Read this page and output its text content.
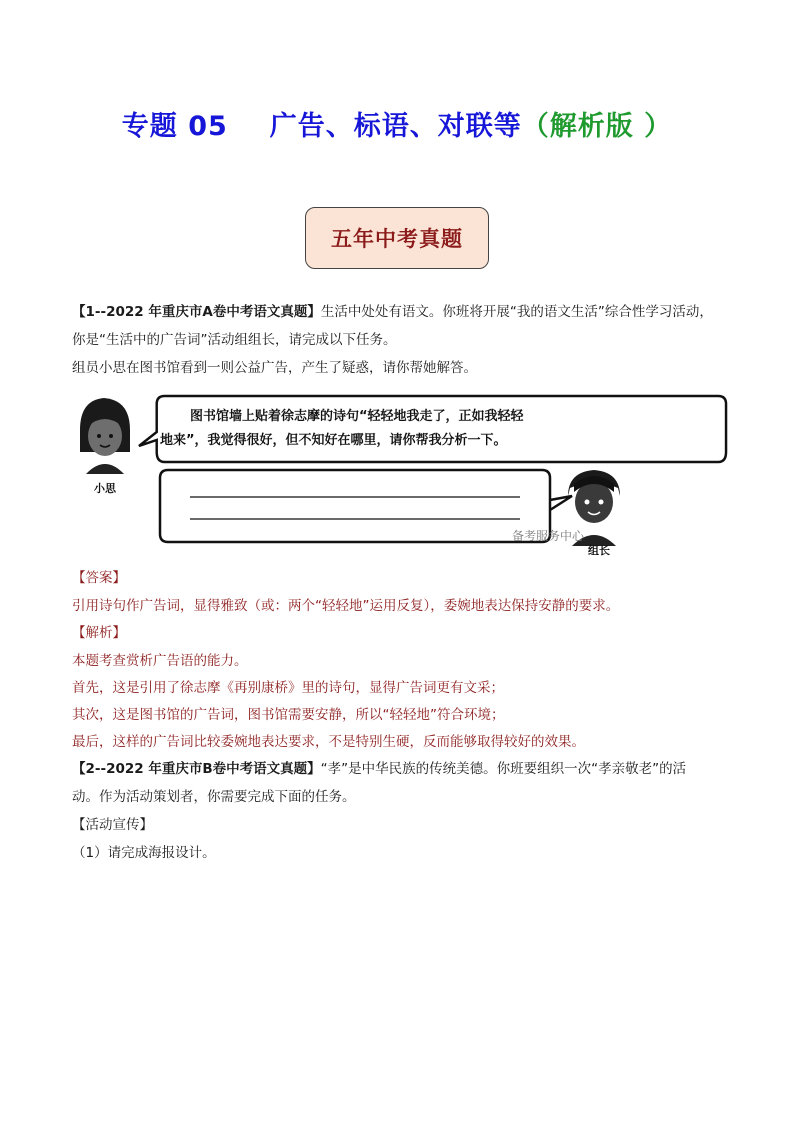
专题 05 广告、标语、对联等（解析版 ）
五年中考真题
【1--2022 年重庆市A卷中考语文真题】生活中处处有语文。你班将开展“我的语文生活”综合性学习活动，
你是“生活中的广告词”活动组组长，请完成以下任务。
组员小思在图书馆看到一则公益广告，产生了疑惑，请你帮她解答。
小思
图书馆墙上贴着徐志摩的诗句“轻轻地我走了，正如我轻轻
地来”，我觉得很好，但不知好在哪里，请你帮我分析一下。
备考服务中心
组长
【答案】
引用诗句作广告词，显得雅致（或：两个“轻轻地”运用反复），委婉地表达保持安静的要求。
【解析】
本题考查赏析广告语的能力。
首先，这是引用了徐志摩《再别康桥》里的诗句，显得广告词更有文采；
其次，这是图书馆的广告词，图书馆需要安静，所以“轻轻地”符合环境；
最后，这样的广告词比较委婉地表达要求，不是特别生硬，反而能够取得较好的效果。
【2--2022 年重庆市B卷中考语文真题】“孝”是中华民族的传统美德。你班要组织一次“孝亲敬老”的活
动。作为活动策划者，你需要完成下面的任务。
【活动宣传】
（1）请完成海报设计。
